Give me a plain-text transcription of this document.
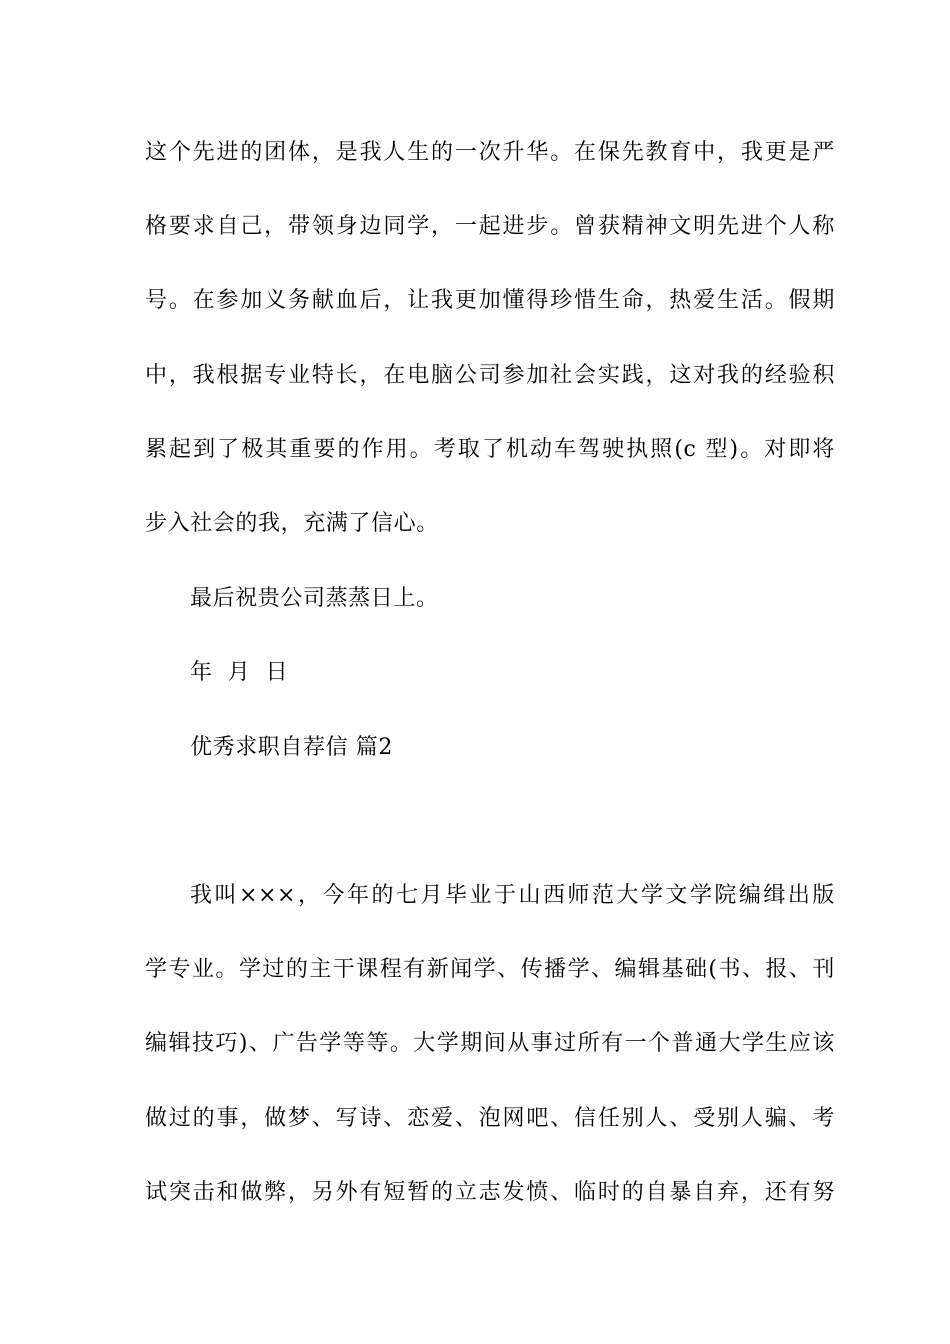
这个先进的团体，是我人生的一次升华。在保先教育中，我更是严
格要求自己，带领身边同学，一起进步。曾获精神文明先进个人称
号。在参加义务献血后，让我更加懂得珍惜生命，热爱生活。假期
中，我根据专业特长，在电脑公司参加社会实践，这对我的经验积
累起到了极其重要的作用。考取了机动车驾驶执照(c 型)。对即将
步入社会的我，充满了信心。
最后祝贵公司蒸蒸日上。
年  月  日
优秀求职自荐信 篇2
我叫×××，今年的七月毕业于山西师范大学文学院编缉出版
学专业。学过的主干课程有新闻学、传播学、编辑基础(书、报、刊
编辑技巧)、广告学等等。大学期间从事过所有一个普通大学生应该
做过的事，做梦、写诗、恋爱、泡网吧、信任别人、受别人骗、考
试突击和做弊，另外有短暂的立志发愤、临时的自暴自弃，还有努
